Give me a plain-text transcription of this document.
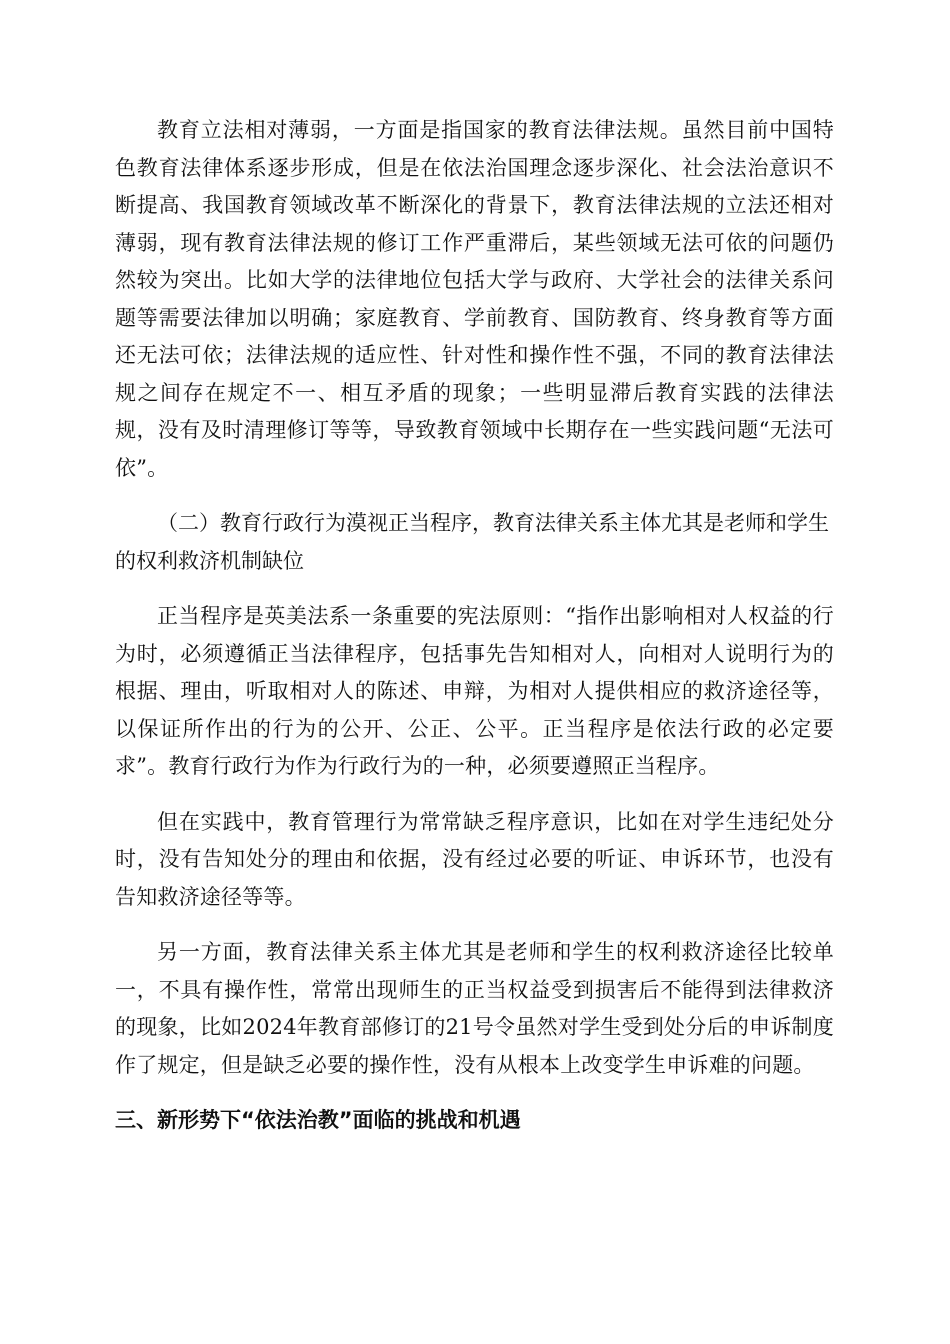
教育立法相对薄弱，一方面是指国家的教育法律法规。虽然目前中国特色教育法律体系逐步形成，但是在依法治国理念逐步深化、社会法治意识不断提高、我国教育领域改革不断深化的背景下，教育法律法规的立法还相对薄弱，现有教育法律法规的修订工作严重滞后，某些领域无法可依的问题仍然较为突出。比如大学的法律地位包括大学与政府、大学社会的法律关系问题等需要法律加以明确；家庭教育、学前教育、国防教育、终身教育等方面还无法可依；法律法规的适应性、针对性和操作性不强，不同的教育法律法规之间存在规定不一、相互矛盾的现象；一些明显滞后教育实践的法律法规，没有及时清理修订等等，导致教育领域中长期存在一些实践问题“无法可依”。

（二）教育行政行为漠视正当程序，教育法律关系主体尤其是老师和学生的权利救济机制缺位

正当程序是英美法系一条重要的宪法原则：“指作出影响相对人权益的行为时，必须遵循正当法律程序，包括事先告知相对人，向相对人说明行为的根据、理由，听取相对人的陈述、申辩，为相对人提供相应的救济途径等，以保证所作出的行为的公开、公正、公平。正当程序是依法行政的必定要求”。教育行政行为作为行政行为的一种，必须要遵照正当程序。

但在实践中，教育管理行为常常缺乏程序意识，比如在对学生违纪处分时，没有告知处分的理由和依据，没有经过必要的听证、申诉环节，也没有告知救济途径等等。

另一方面，教育法律关系主体尤其是老师和学生的权利救济途径比较单一，不具有操作性，常常出现师生的正当权益受到损害后不能得到法律救济的现象，比如2024年教育部修订的21号令虽然对学生受到处分后的申诉制度作了规定，但是缺乏必要的操作性，没有从根本上改变学生申诉难的问题。

三、新形势下“依法治教”面临的挑战和机遇
